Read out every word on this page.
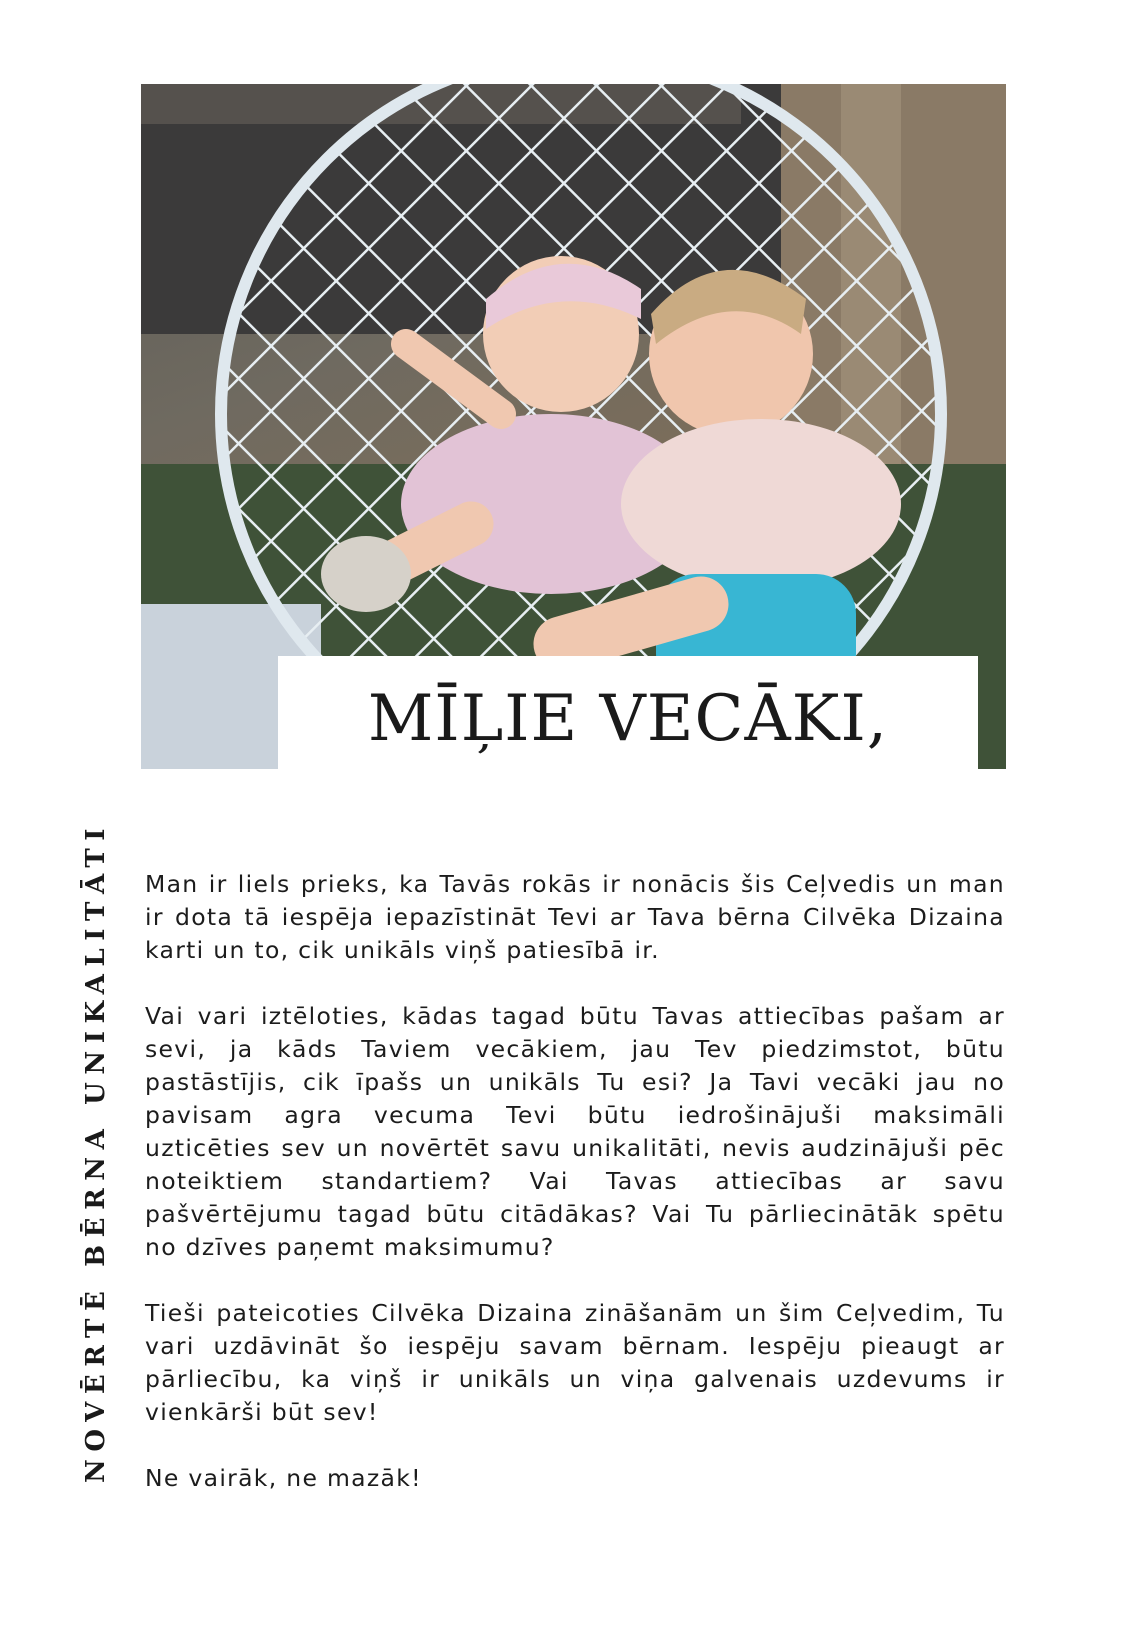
MĪĻIE VECĀKI,
NOVĒRTĒ BĒRNA UNIKALITĀTI Man ir liels prieks, ka Tavās rokās ir nonācis šis Ceļvedis un man ir dota tā iespēja iepazīstināt Tevi ar Tava bērna Cilvēka Dizaina karti un to, cik unikāls viņš patiesībā ir.

Vai vari iztēloties, kādas tagad būtu Tavas attiecības pašam ar sevi, ja kāds Taviem vecākiem, jau Tev piedzimstot, būtu pastāstījis, cik īpašs un unikāls Tu esi? Ja Tavi vecāki jau no pavisam agra vecuma Tevi būtu iedrošinājuši maksimāli uzticēties sev un novērtēt savu unikalitāti, nevis audzinājuši pēc noteiktiem standartiem? Vai Tavas attiecības ar savu pašvērtējumu tagad būtu citādākas? Vai Tu pārliecinātāk spētu no dzīves paņemt maksimumu?

Tieši pateicoties Cilvēka Dizaina zināšanām un šim Ceļvedim, Tu vari uzdāvināt šo iespēju savam bērnam. Iespēju pieaugt ar pārliecību, ka viņš ir unikāls un viņa galvenais uzdevums ir vienkārši būt sev!

Ne vairāk, ne mazāk!
